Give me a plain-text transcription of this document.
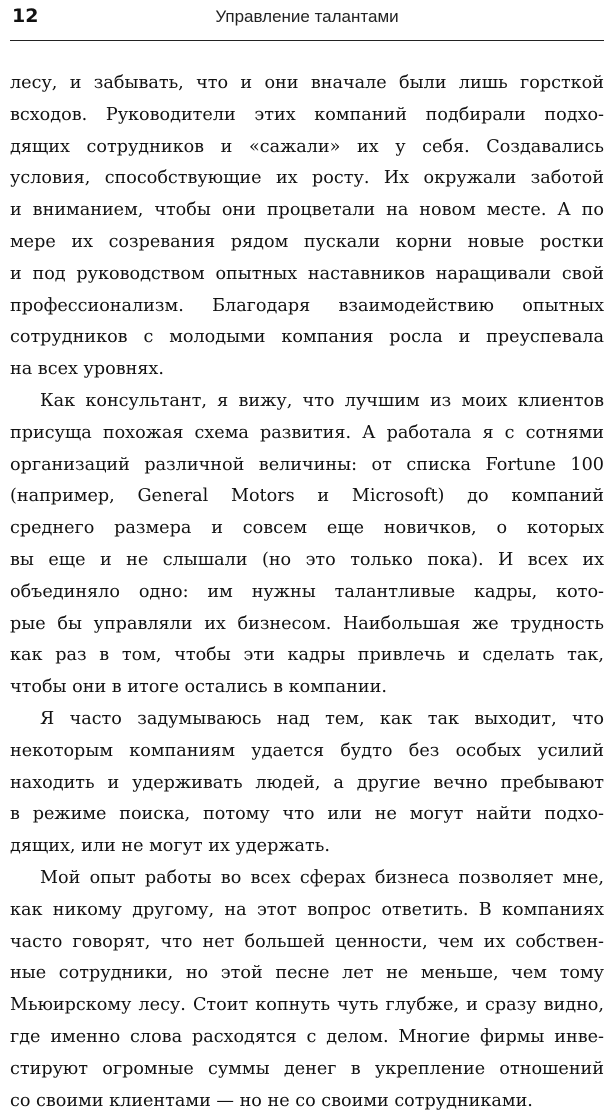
12	Управление талантами

лесу, и забывать, что и они вначале были лишь горсткой
всходов. Руководители этих компаний подбирали подхо-
дящих сотрудников и «сажали» их у себя. Создавались
условия, способствующие их росту. Их окружали заботой
и вниманием, чтобы они процветали на новом месте. А по
мере их созревания рядом пускали корни новые ростки
и под руководством опытных наставников наращивали свой
профессионализм. Благодаря взаимодействию опытных
сотрудников с молодыми компания росла и преуспевала
на всех уровнях.

Как консультант, я вижу, что лучшим из моих клиентов
присуща похожая схема развития. А работала я с сотнями
организаций различной величины: от списка Fortune 100
(например, General Motors и Microsoft) до компаний
среднего размера и совсем еще новичков, о которых
вы еще и не слышали (но это только пока). И всех их
объединяло одно: им нужны талантливые кадры, кото-
рые бы управляли их бизнесом. Наибольшая же трудность
как раз в том, чтобы эти кадры привлечь и сделать так,
чтобы они в итоге остались в компании.

Я часто задумываюсь над тем, как так выходит, что
некоторым компаниям удается будто без особых усилий
находить и удерживать людей, а другие вечно пребывают
в режиме поиска, потому что или не могут найти подхо-
дящих, или не могут их удержать.

Мой опыт работы во всех сферах бизнеса позволяет мне,
как никому другому, на этот вопрос ответить. В компаниях
часто говорят, что нет большей ценности, чем их собствен-
ные сотрудники, но этой песне лет не меньше, чем тому
Мьюирскому лесу. Стоит копнуть чуть глубже, и сразу видно,
где именно слова расходятся с делом. Многие фирмы инве-
стируют огромные суммы денег в укрепление отношений
со своими клиентами — но не со своими сотрудниками.
